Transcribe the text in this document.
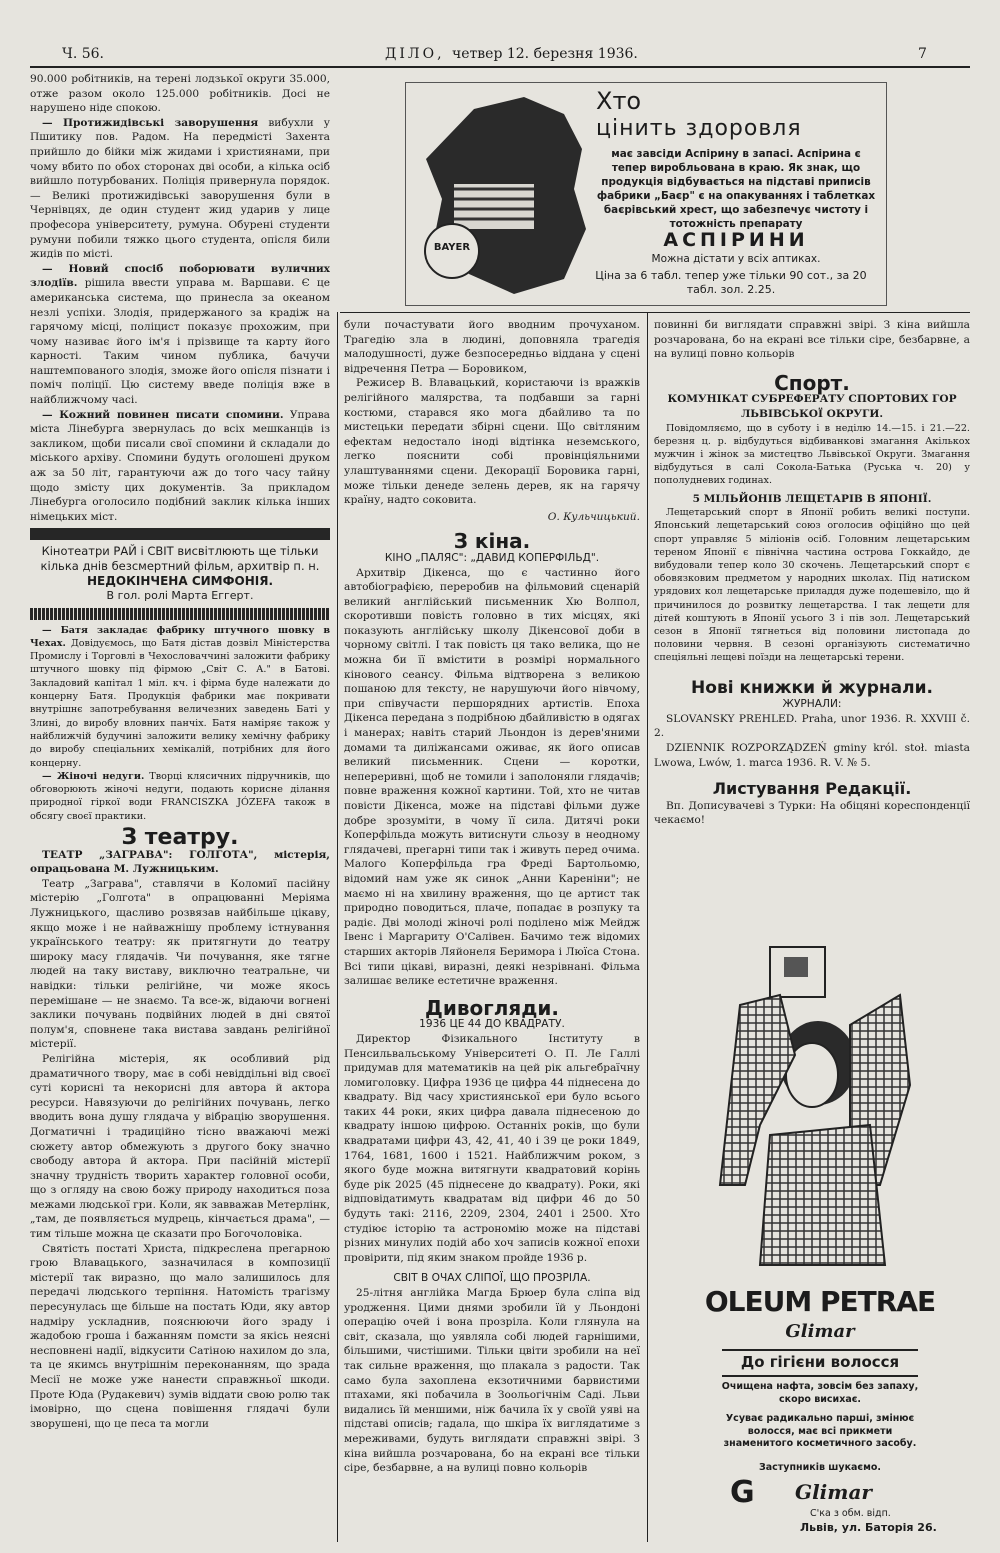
Ч. 56.	ДІЛО, четвер 12. березня 1936.	7

90.000 робітників, на терені лодзької округи 35.000, отже разом около 125.000 робітників. Досі не нарушено ніде спокою.

— Протижидівські заворушення вибухли у Пшитику пов. Радом. На передмісті Захента прийшло до бійки між жидами і християнами, при чому вбито по обох сторонах дві особи, а кілька осіб вийшло потурбованих. Поліція привернула порядок. — Великі протижидівські заворушення були в Чернівцях, де один студент жид ударив у лице професора університету, румуна. Обурені студенти румуни побили тяжко цього студента, опісля били жидів по місті.

— Новий спосіб поборювати вуличних злодіїв. рішила ввести управа м. Варшави. Є це американська система, що принесла за океаном незлі успіхи. Злодія, придержаного за крадіж на гарячому місці, поліцист показує прохожим, при чому називає його ім'я і прізвище та карту його карності. Таким чином публика, бачучи наштемпованого злодія, зможе його опісля пізнати і поміч поліції. Цю систему введе поліція вже в найближчому часі.

— Кожний повинен писати спомини. Управа міста Лінебурга звернулась до всіх мешканців із закликом, щоби писали свої спомини й складали до міського архіву. Спомини будуть оголошені друком аж за 50 літ, гарантуючи аж до того часу тайну щодо змісту цих документів. За прикладом Лінебурга оголосило подібний заклик кілька інших німецьких міст.

Кінотеатри РАЙ і СВІТ висвітлюють ще тільки кілька днів безсмертний фільм, архитвір п. н.

НЕДОКІНЧЕНА СИМФОНІЯ.

В гол. ролі Марта Еггерт.

— Батя закладає фабрику штучного шовку в Чехах. Довідуємось, що Батя дістав дозвіл Міністерства Промислу і Торговлі в Чехословаччині заложити фабрику штучного шовку під фірмою „Світ С. А." в Батові. Закладовий капітал 1 міл. кч. і фірма буде належати до концерну Батя. Продукція фабрики має покривати внутрішнє запотребування величезних заведень Баті у Злині, до виробу вловних панчіх. Батя наміряє також у найближчій будучині заложити велику хемічну фабрику до виробу спеціальних хемікалій, потрібних для його концерну.

— Жіночі недуги. Творці клясичних підручників, що обговорюють жіночі недуги, подають корисне ділання природної гіркої води FRANCISZKA JÓZEFA також в обсягу своєї практики.

З театру.

ТЕАТР „ЗАГРАВА": ГОЛГОТА", містерія, опрацьована М. Лужницьким.

Театр „Заграва", ставлячи в Коломиї пасійну містерію „Голгота" в опрацюванні Меріяма Лужницького, щасливо розвязав найбільше цікаву, якщо може і не найважнішу проблему істнування українського театру: як притягнути до театру широку масу глядачів. Чи почування, яке тягне людей на таку виставу, виключно театральне, чи навідки: тільки релігійне, чи може якось перемішане — не знаємо. Та все-ж, відаючи вогнені заклики почувань подвійних людей в дні святої полум'я, сповнене така вистава завдань релігійної містерії.

Релігійна містерія, як особливий рід драматичного твору, має в собі невіддільні від своєї суті корисні та некорисні для автора й актора ресурси. Навязуючи до релігійних почувань, легко вводить вона душу глядача у вібрацію зворушення. Догматичні і традиційно тісно вважаючі межі сюжету автор обмежують з другого боку значно свободу автора й актора. При пасійній містерії значну трудність творить характер головної особи, що з огляду на свою божу природу находиться поза межами людської гри. Коли, як завважав Метерлінк, „там, де появляється мудрець, кінчається драма", — тим тільше можна це сказати про Богочоловіка.

Святість постаті Христа, підкреслена прегарною грою Влавацького, зазначилася в композиції містерії так виразно, що мало залишилось для передачі людського терпіння. Натомість трагізму пересунулась ще більше на постать Юди, яку автор надміру ускладнив, пояснюючи його зраду і жадобою гроша і бажанням помсти за якісь неясні несповнені надії, відкусити Сатіною нахилом до зла, та це якимсь внутрішнім переконанням, що зрада Месії не може уже нанести справжньої шкоди. Проте Юда (Рудакевич) зумів віддати свою ролю так імовірно, що сцена повішення глядачі були зворушені, що це песа та могли

BAYER
Хто
цінить здоровля
має завсіди Аспірину в запасі. Аспірина є тепер виробльована в краю. Як знак, що продукція відбувається на підставі приписів фабрики „Баєр" є на опакуваннях і таблетках баєрівський хрест, що забезпечує чистоту і тотожність препарату
АСПІРИНИ
Можна дістати у всіх аптиках.
Ціна за 6 табл. тепер уже тільки 90 сот., за 20 табл. зол. 2.25.

були почастувати його вводним прочуханом. Трагедію зла в людині, доповняла трагедія малодушності, дуже безпосередньо віддана у сцені відречення Петра — Боровиком,

Режисер В. Влавацький, користаючи із вражків релігійного малярства, та подбавши за гарні костюми, старався яко мога дбайливо та по мистецьки передати збірні сцени. Що світляним ефектам недостало іноді відтінка неземського, легко пояснити собі провінціяльними улаштуваннями сцени. Декорації Боровика гарні, може тільки денеде зелень дерев, як на гарячу країну, надто соковита.

О. Кульчицький.
З кіна.

КІНО „ПАЛЯС": „ДАВИД КОПЕРФІЛЬД".

Архитвір Дікенса, що є частинно його автобіографією, переробив на фільмовий сценарій великий англійський письменник Хю Волпол, скоротивши повість головно в тих місцях, які показують англійську школу Дікенсової доби в чорному світлі. І так повість ця тако велика, що не можна би її вмістити в розмірі нормального кінового сеансу. Фільма відтворена з великою пошаною для тексту, не нарушуючи його нівчому, при співучасти першорядних артистів. Епоха Дікенса передана з подрібною дбайливістю в одягах і манерах; навіть старий Льондон із дерев'яними домами та диліжансами оживає, як його описав великий письменник. Сцени — коротки, непереривні, щоб не томили і заполоняли глядачів; повне враження кожної картини. Той, хто не читав повісти Дікенса, може на підставі фільми дуже добре зрозуміти, в чому її сила. Дитячі роки Коперфільда можуть витиснути сльозу в неодному глядачеві, прегарні типи так і живуть перед очима. Малого Коперфільда гра Фреді Бартольомю, відомий нам уже як синок „Анни Кареніни"; не маємо ні на хвилину враження, що це артист так природно поводиться, плаче, попадає в розпуку та радіє. Дві молоді жіночі ролі поділено між Мейдж Івенс і Маргариту О'Салівен. Бачимо теж відомих старших акторів Ляйонеля Беримора і Люїса Стона. Всі типи цікаві, виразні, деякі незрівнані. Фільма залишає велике естетичне враження.

Дивогляди.

1936 ЦЕ 44 ДО КВАДРАТУ.

Директор Фізикального Інституту в Пенсильвальському Університеті О. П. Ле Галлі придумав для математиків на цей рік альгебраїчну ломиголовку. Цифра 1936 це цифра 44 піднесена до квадрату. Від часу християнської ери було всього таких 44 роки, яких цифра давала піднесеною до квадрату іншою цифрою. Останніх років, що були квадратами цифри 43, 42, 41, 40 і 39 це роки 1849, 1764, 1681, 1600 і 1521. Найближчим роком, з якого буде можна витягнути квадратовий корінь буде рік 2025 (45 піднесене до квадрату). Роки, які відповідатимуть квадратам від цифри 46 до 50 будуть такі: 2116, 2209, 2304, 2401 і 2500. Хто студіює історію та астрономію може на підставі різних минулих подій або хоч записів кожної епохи провірити, під яким знаком пройде 1936 р.

СВІТ В ОЧАХ СЛІПОЇ, ЩО ПРОЗРІЛА.

25-літня англійка Магда Брюер була сліпа від уродження. Цими днями зробили їй у Льондоні операцію очей і вона прозріла. Коли глянула на світ, сказала, що уявляла собі людей гарнішими, більшими, чистішими. Тільки цвіти зробили на неї так сильне враження, що плакала з радости. Так само була захоплена екзотичними барвистими птахами, які побачила в Зоольогічнім Саді. Льви видались їй меншими, ніж бачила їх у своїй уяві на підставі описів; гадала, що шкіра їх виглядатиме з мереживами, будуть виглядати справжні звірі. З кіна вийшла розчарована, бо на екрані все тільки сіре, безбарвне, а на вулиці повно кольорів

повинні би виглядати справжні звірі. З кіна вийшла розчарована, бо на екрані все тільки сіре, безбарвне, а на вулиці повно кольорів

Спорт.

КОМУНІКАТ СУБРЕФЕРАТУ СПОРТОВИХ ГОР ЛЬВІВСЬКОЇ ОКРУГИ.

Повідомляємо, що в суботу і в неділю 14.—15. і 21.—22. березня ц. р. відбудуться відбиванкові змагання Акількох мужчин і жінок за мистецтво Львівської Округи. Змагання відбудуться в салі Сокола-Батька (Руська ч. 20) у пополудневих годинах.

5 МІЛЬЙОНІВ ЛЕЩЕТАРІВ В ЯПОНІЇ.

Лещетарський спорт в Японії робить великі поступи. Японський лещетарський союз оголосив офіційно що цей спорт управляє 5 міліонів осіб. Головним лещетарським тереном Японії є північна частина острова Гоккайдо, де вибудовали тепер коло 30 скочень. Лещетарський спорт є обовязковим предметом у народних школах. Під натиском урядових кол лещетарське приладдя дуже подешевіло, що й причинилося до розвитку лещетарства. І так лещети для дітей коштують в Японії усього 3 і пів зол. Лещетарський сезон в Японії тягнеться від половини листопада до половини червня. В сезоні організують систематично спеціяльні лещеві поїзди на лещетарські терени.

Нові книжки й журнали.

ЖУРНАЛИ:

SLOVANSKY PREHLED. Praha, unor 1936. R. XXVIII č. 2.

DZIENNIK ROZPORZĄDZEŃ gminy król. stoł. miasta Lwowa, Lwów, 1. marca 1936. R. V. № 5.

Листування Редакції.

Вп. Дописувачеві з Турки: На обіцяні кореспонденції чекаємо!

OLEUM PETRAE
Glimar
До гігієни волосся
Очищена нафта, зовсім без запаху, скоро висихає.
Усуває радикально парші, змінює волосся, має всі прикмети знаменитого косметичного засобу.
Заступників шукаємо.
G Glimar
С'ка з обм. відп.
Львів, ул. Баторія 26.
